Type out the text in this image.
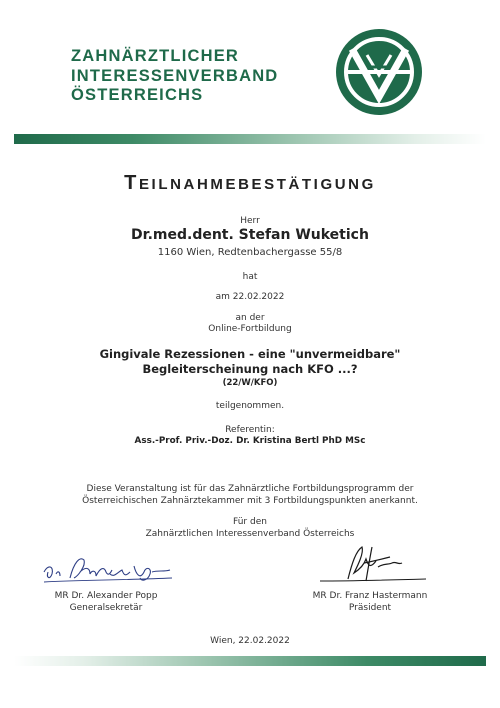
ZAHNÄRZTLICHER
INTERESSENVERBAND
ÖSTERREICHS
TEILNAHMEBESTÄTIGUNG
Herr
Dr.med.dent. Stefan Wuketich
1160 Wien, Redtenbachergasse 55/8
hat
am 22.02.2022
an der
Online-Fortbildung
Gingivale Rezessionen - eine "unvermeidbare"
Begleiterscheinung nach KFO ...?
(22/W/KFO)
teilgenommen.
Referentin:
Ass.-Prof. Priv.-Doz. Dr. Kristina Bertl PhD MSc
Diese Veranstaltung ist für das Zahnärztliche Fortbildungsprogramm der
Österreichischen Zahnärztekammer mit 3 Fortbildungspunkten anerkannt.
Für den
Zahnärztlichen Interessenverband Österreichs
MR Dr. Alexander Popp
Generalsekretär
MR Dr. Franz Hastermann
Präsident
Wien, 22.02.2022
